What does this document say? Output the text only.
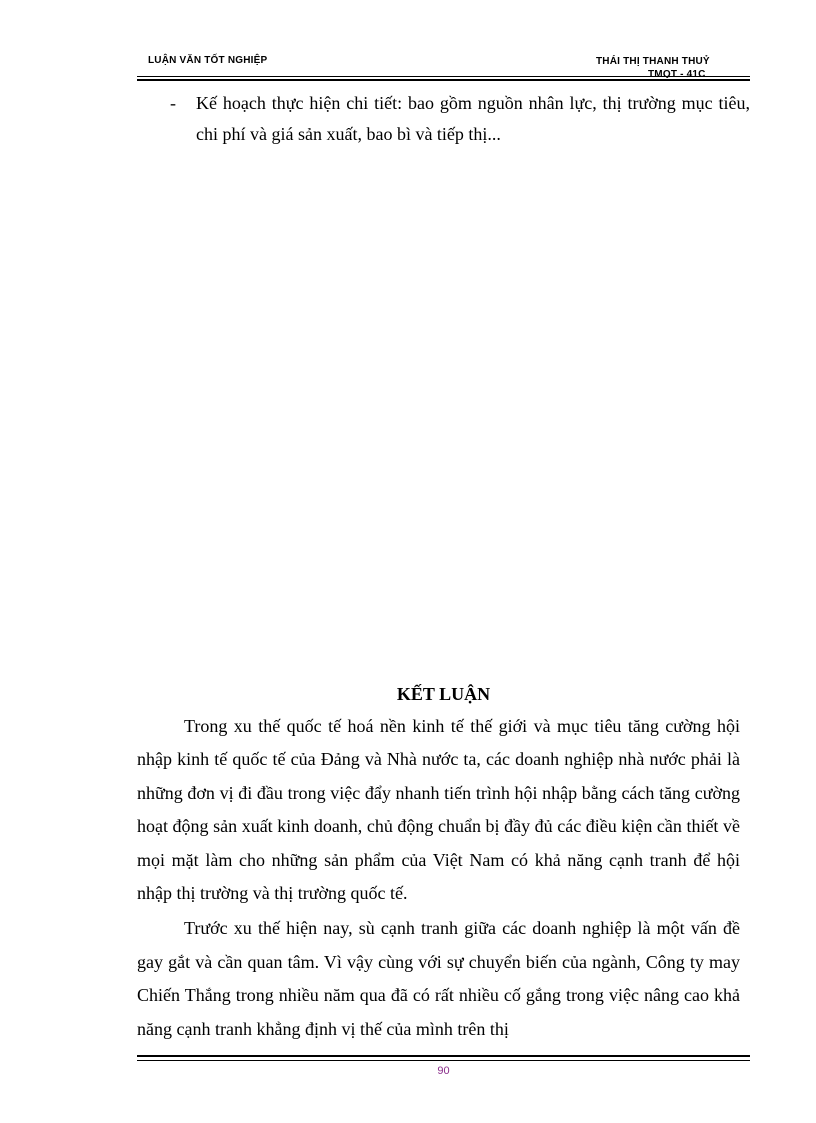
LUẬN VĂN TỐT NGHIỆP	THÁI THỊ THANH THUỶ
TMQT - 41C
- Kế hoạch thực hiện chi tiết: bao gồm nguồn nhân lực, thị trường mục tiêu, chi phí và giá sản xuất, bao bì và tiếp thị...
KẾT LUẬN

Trong xu thế quốc tế hoá nền kinh tế thế giới và mục tiêu tăng cường hội nhập kinh tế quốc tế của Đảng và Nhà nước ta, các doanh nghiệp nhà nước phải là những đơn vị đi đầu trong việc đẩy nhanh tiến trình hội nhập bằng cách tăng cường hoạt động sản xuất kinh doanh, chủ động chuẩn bị đầy đủ các điều kiện cần thiết về mọi mặt làm cho những sản phẩm của Việt Nam có khả năng cạnh tranh để hội nhập thị trường và thị trường quốc tế.

Trước xu thế hiện nay, sù cạnh tranh giữa các doanh nghiệp là một vấn đề gay gắt và cần quan tâm. Vì vậy cùng với sự chuyển biến của ngành, Công ty may Chiến Thắng trong nhiều năm qua đã có rất nhiều cố gắng trong việc nâng cao khả năng cạnh tranh khẳng định vị thế của mình trên thị

90
